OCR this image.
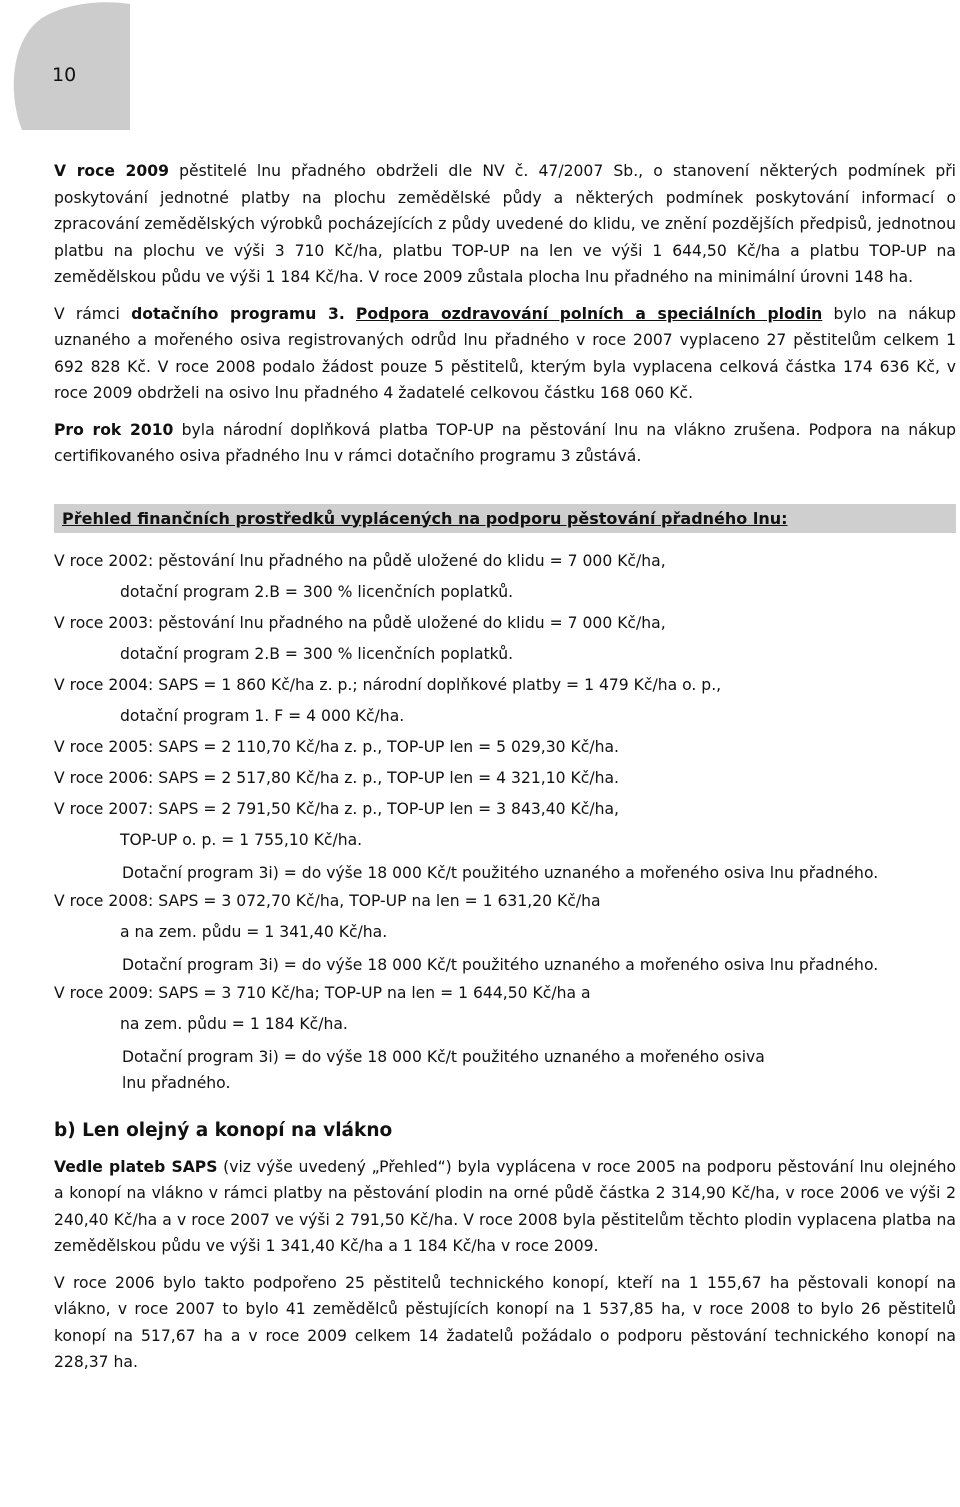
10

V roce 2009 pěstitelé lnu přadného obdrželi dle NV č. 47/2007 Sb., o stanovení některých podmínek při poskytování jednotné platby na plochu zemědělské půdy a některých podmínek poskytování informací o zpracování zemědělských výrobků pocházejících z půdy uvedené do klidu, ve znění pozdějších předpisů, jednotnou platbu na plochu ve výši 3 710 Kč/ha, platbu TOP-UP na len ve výši 1 644,50 Kč/ha a platbu TOP-UP na zemědělskou půdu ve výši 1 184 Kč/ha. V roce 2009 zůstala plocha lnu přadného na minimální úrovni 148 ha.

V rámci dotačního programu 3. Podpora ozdravování polních a speciálních plodin bylo na nákup uznaného a mořeného osiva registrovaných odrůd lnu přadného v roce 2007 vyplaceno 27 pěstitelům celkem 1 692 828 Kč. V roce 2008 podalo žádost pouze 5 pěstitelů, kterým byla vyplacena celková částka 174 636 Kč, v roce 2009 obdrželi na osivo lnu přadného 4 žadatelé celkovou částku 168 060 Kč.

Pro rok 2010 byla národní doplňková platba TOP-UP na pěstování lnu na vlákno zrušena. Podpora na nákup certifikovaného osiva přadného lnu v rámci dotačního programu 3 zůstává.

Přehled finančních prostředků vyplácených na podporu pěstování přadného lnu:

V roce 2002: pěstování lnu přadného na půdě uložené do klidu = 7 000 Kč/ha,
dotační program 2.B = 300 % licenčních poplatků.

V roce 2003: pěstování lnu přadného na půdě uložené do klidu = 7 000 Kč/ha,
dotační program 2.B = 300 % licenčních poplatků.

V roce 2004: SAPS = 1 860 Kč/ha z. p.; národní doplňkové platby = 1 479 Kč/ha o. p.,
dotační program 1. F = 4 000 Kč/ha.

V roce 2005: SAPS = 2 110,70 Kč/ha z. p., TOP-UP len = 5 029,30 Kč/ha.

V roce 2006: SAPS = 2 517,80 Kč/ha z. p., TOP-UP len = 4 321,10 Kč/ha.

V roce 2007: SAPS = 2 791,50 Kč/ha z. p., TOP-UP len = 3 843,40 Kč/ha,
TOP-UP o. p. = 1 755,10 Kč/ha.
Dotační program 3i) = do výše 18 000 Kč/t použitého uznaného a mořeného osiva lnu přadného.

V roce 2008: SAPS = 3 072,70 Kč/ha, TOP-UP na len = 1 631,20 Kč/ha
a na zem. půdu = 1 341,40 Kč/ha.
Dotační program 3i) = do výše 18 000 Kč/t použitého uznaného a mořeného osiva lnu přadného.

V roce 2009: SAPS = 3 710 Kč/ha; TOP-UP na len = 1 644,50 Kč/ha a
na zem. půdu = 1 184 Kč/ha.
Dotační program 3i) = do výše 18 000 Kč/t použitého uznaného a mořeného osiva
lnu přadného.

b) Len olejný a konopí na vlákno

Vedle plateb SAPS (viz výše uvedený „Přehled“) byla vyplácena v roce 2005 na podporu pěstování lnu olejného a konopí na vlákno v rámci platby na pěstování plodin na orné půdě částka 2 314,90 Kč/ha, v roce 2006 ve výši 2 240,40 Kč/ha a v roce 2007 ve výši 2 791,50 Kč/ha. V roce 2008 byla pěstitelům těchto plodin vyplacena platba na zemědělskou půdu ve výši 1 341,40 Kč/ha a 1 184 Kč/ha v roce 2009.

V roce 2006 bylo takto podpořeno 25 pěstitelů technického konopí, kteří na 1 155,67 ha pěstovali konopí na vlákno, v roce 2007 to bylo 41 zemědělců pěstujících konopí na 1 537,85 ha, v roce 2008 to bylo 26 pěstitelů konopí na 517,67 ha a v roce 2009 celkem 14 žadatelů požádalo o podporu pěstování technického konopí na 228,37 ha.
